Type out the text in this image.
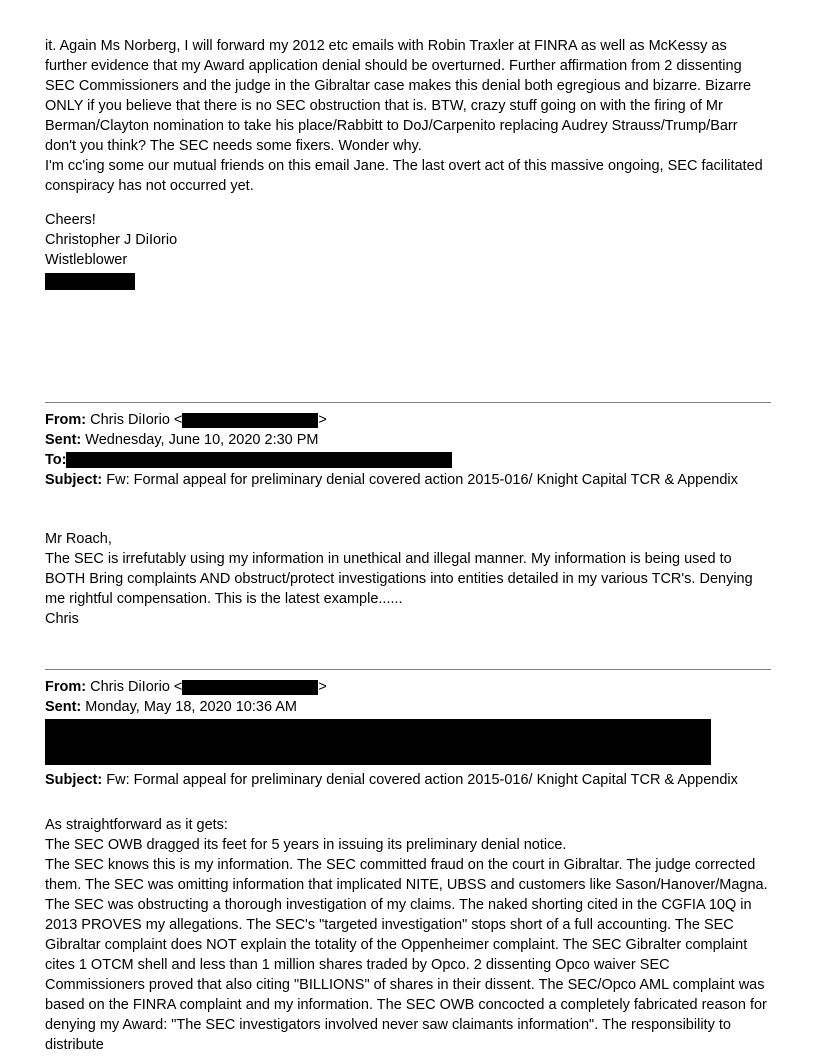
it. Again Ms Norberg, I will forward my 2012 etc emails with Robin Traxler at FINRA as well as McKessy as further evidence that my Award application denial should be overturned. Further affirmation from 2 dissenting SEC Commissioners and the judge in the Gibraltar case makes this denial both egregious and bizarre. Bizarre ONLY if you believe that there is no SEC obstruction that is. BTW, crazy stuff going on with the firing of Mr Berman/Clayton nomination to take his place/Rabbitt to DoJ/Carpenito replacing Audrey Strauss/Trump/Barr don't you think? The SEC needs some fixers. Wonder why.

I'm cc'ing some our mutual friends on this email Jane. The last overt act of this massive ongoing, SEC facilitated conspiracy has not occurred yet.

Cheers!

Christopher J DiIorio

Wistleblower

From: Chris DiIorio <	>

Sent: Wednesday, June 10, 2020 2:30 PM

To:

Subject: Fw: Formal appeal for preliminary denial covered action 2015-016/ Knight Capital TCR & Appendix

Mr Roach,

The SEC is irrefutably using my information in unethical and illegal manner. My information is being used to BOTH Bring complaints AND obstruct/protect investigations into entities detailed in my various TCR's. Denying me rightful compensation. This is the latest example......

Chris

From: Chris DiIorio <	>

Sent: Monday, May 18, 2020 10:36 AM

Subject: Fw: Formal appeal for preliminary denial covered action 2015-016/ Knight Capital TCR & Appendix

As straightforward as it gets:

The SEC OWB dragged its feet for 5 years in issuing its preliminary denial notice.

The SEC knows this is my information. The SEC committed fraud on the court in Gibraltar. The judge corrected them. The SEC was omitting information that implicated NITE, UBSS and customers like Sason/Hanover/Magna. The SEC was obstructing a thorough investigation of my claims. The naked shorting cited in the CGFIA 10Q in 2013 PROVES my allegations. The SEC's "targeted investigation" stops short of a full accounting. The SEC Gibraltar complaint does NOT explain the totality of the Oppenheimer complaint. The SEC Gibralter complaint cites 1 OTCM shell and less than 1 million shares traded by Opco. 2 dissenting Opco waiver SEC Commissioners proved that also citing "BILLIONS" of shares in their dissent. The SEC/Opco AML complaint was based on the FINRA complaint and my information. The SEC OWB concocted a completely fabricated reason for denying my Award: "The SEC investigators involved never saw claimants information". The responsibility to distribute
